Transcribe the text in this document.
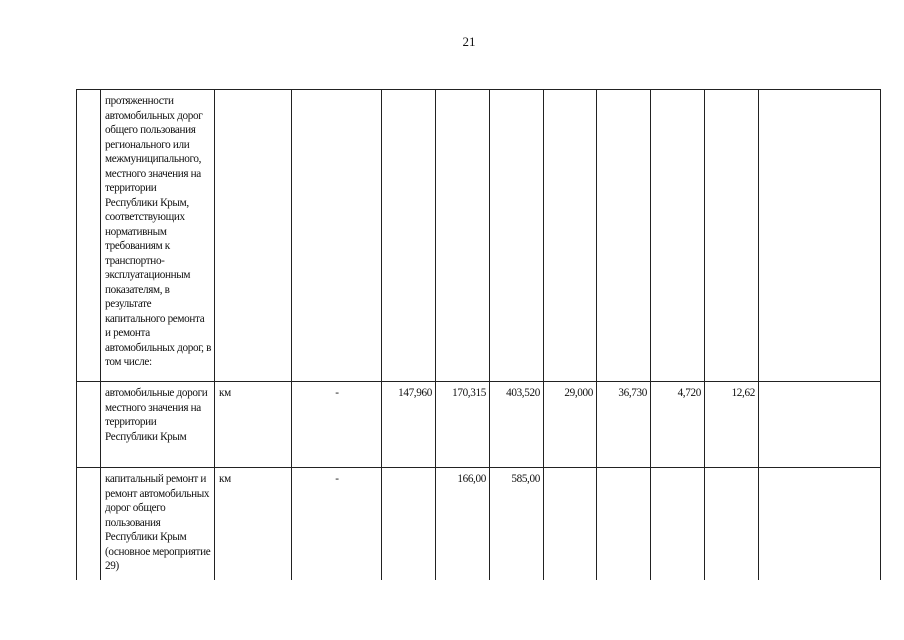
21
	протяженности автомобильных дорог общего пользования регионального или межмуниципального, местного значения на территории Республики Крым, соответствующих нормативным требованиям к транспортно-эксплуатационным показателям, в результате капитального ремонта и ремонта автомобильных дорог, в том числе:										
	автомобильные дороги местного значения на территории Республики Крым	км	-	147,960	170,315	403,520	29,000	36,730	4,720	12,62	
	капитальный ремонт и ремонт автомобильных дорог общего пользования Республики Крым (основное мероприятие 29)	км	-		166,00	585,00					
